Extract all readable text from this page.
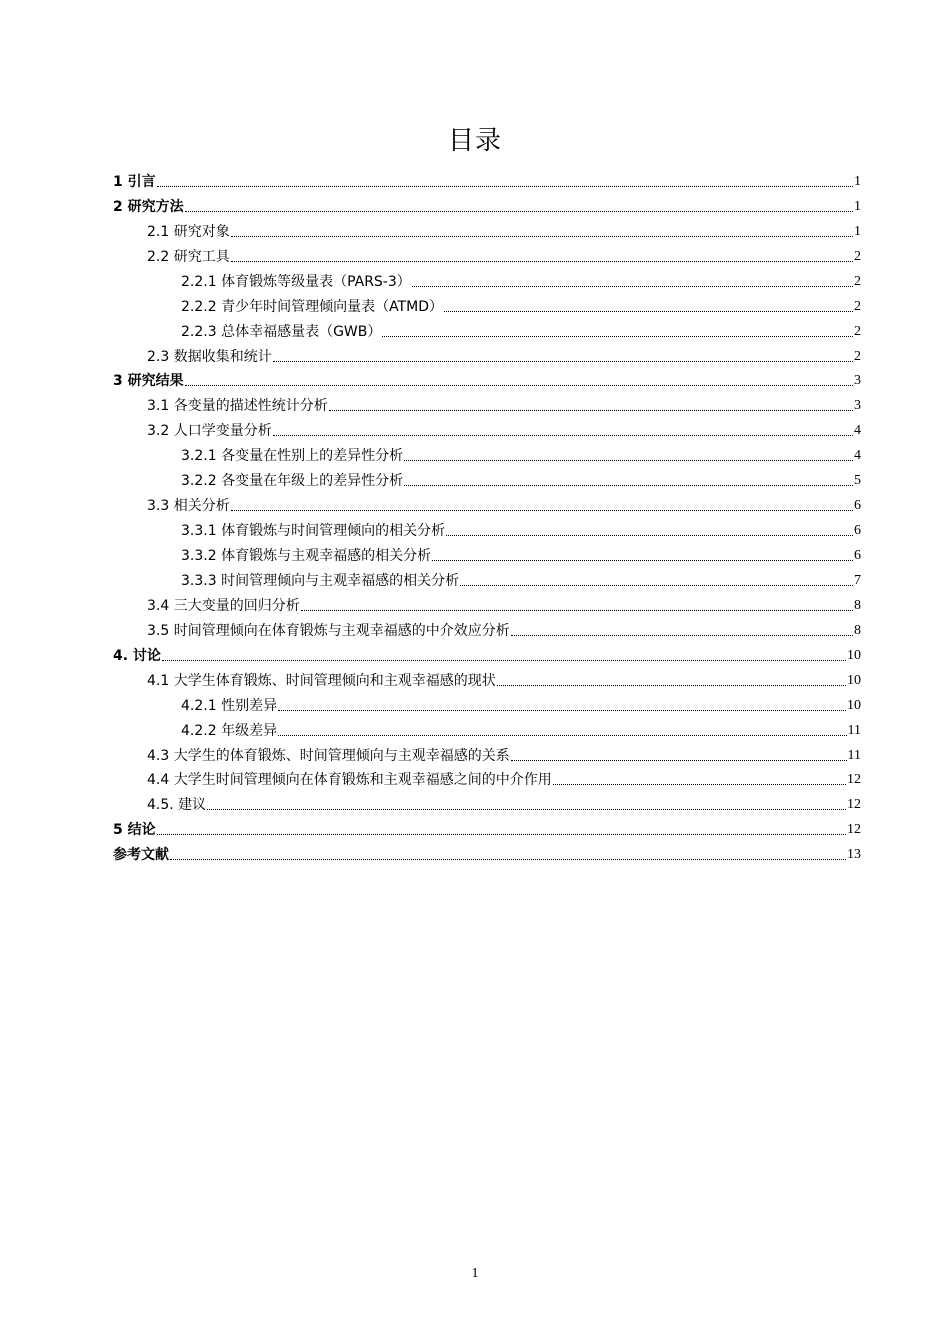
目录
1 引言	1
2 研究方法	1
2.1 研究对象	1
2.2 研究工具	2
2.2.1 体育锻炼等级量表（PARS-3）	2
2.2.2 青少年时间管理倾向量表（ATMD）	2
2.2.3 总体幸福感量表（GWB）	2
2.3 数据收集和统计	2
3 研究结果	3
3.1 各变量的描述性统计分析	3
3.2 人口学变量分析	4
3.2.1 各变量在性别上的差异性分析	4
3.2.2 各变量在年级上的差异性分析	5
3.3 相关分析	6
3.3.1 体育锻炼与时间管理倾向的相关分析	6
3.3.2 体育锻炼与主观幸福感的相关分析	6
3.3.3 时间管理倾向与主观幸福感的相关分析	7
3.4 三大变量的回归分析	8
3.5 时间管理倾向在体育锻炼与主观幸福感的中介效应分析	8
4. 讨论	10
4.1 大学生体育锻炼、时间管理倾向和主观幸福感的现状	10
4.2.1 性别差异	10
4.2.2 年级差异	11
4.3 大学生的体育锻炼、时间管理倾向与主观幸福感的关系	11
4.4 大学生时间管理倾向在体育锻炼和主观幸福感之间的中介作用	12
4.5. 建议	12
5 结论	12
参考文献	13
1
